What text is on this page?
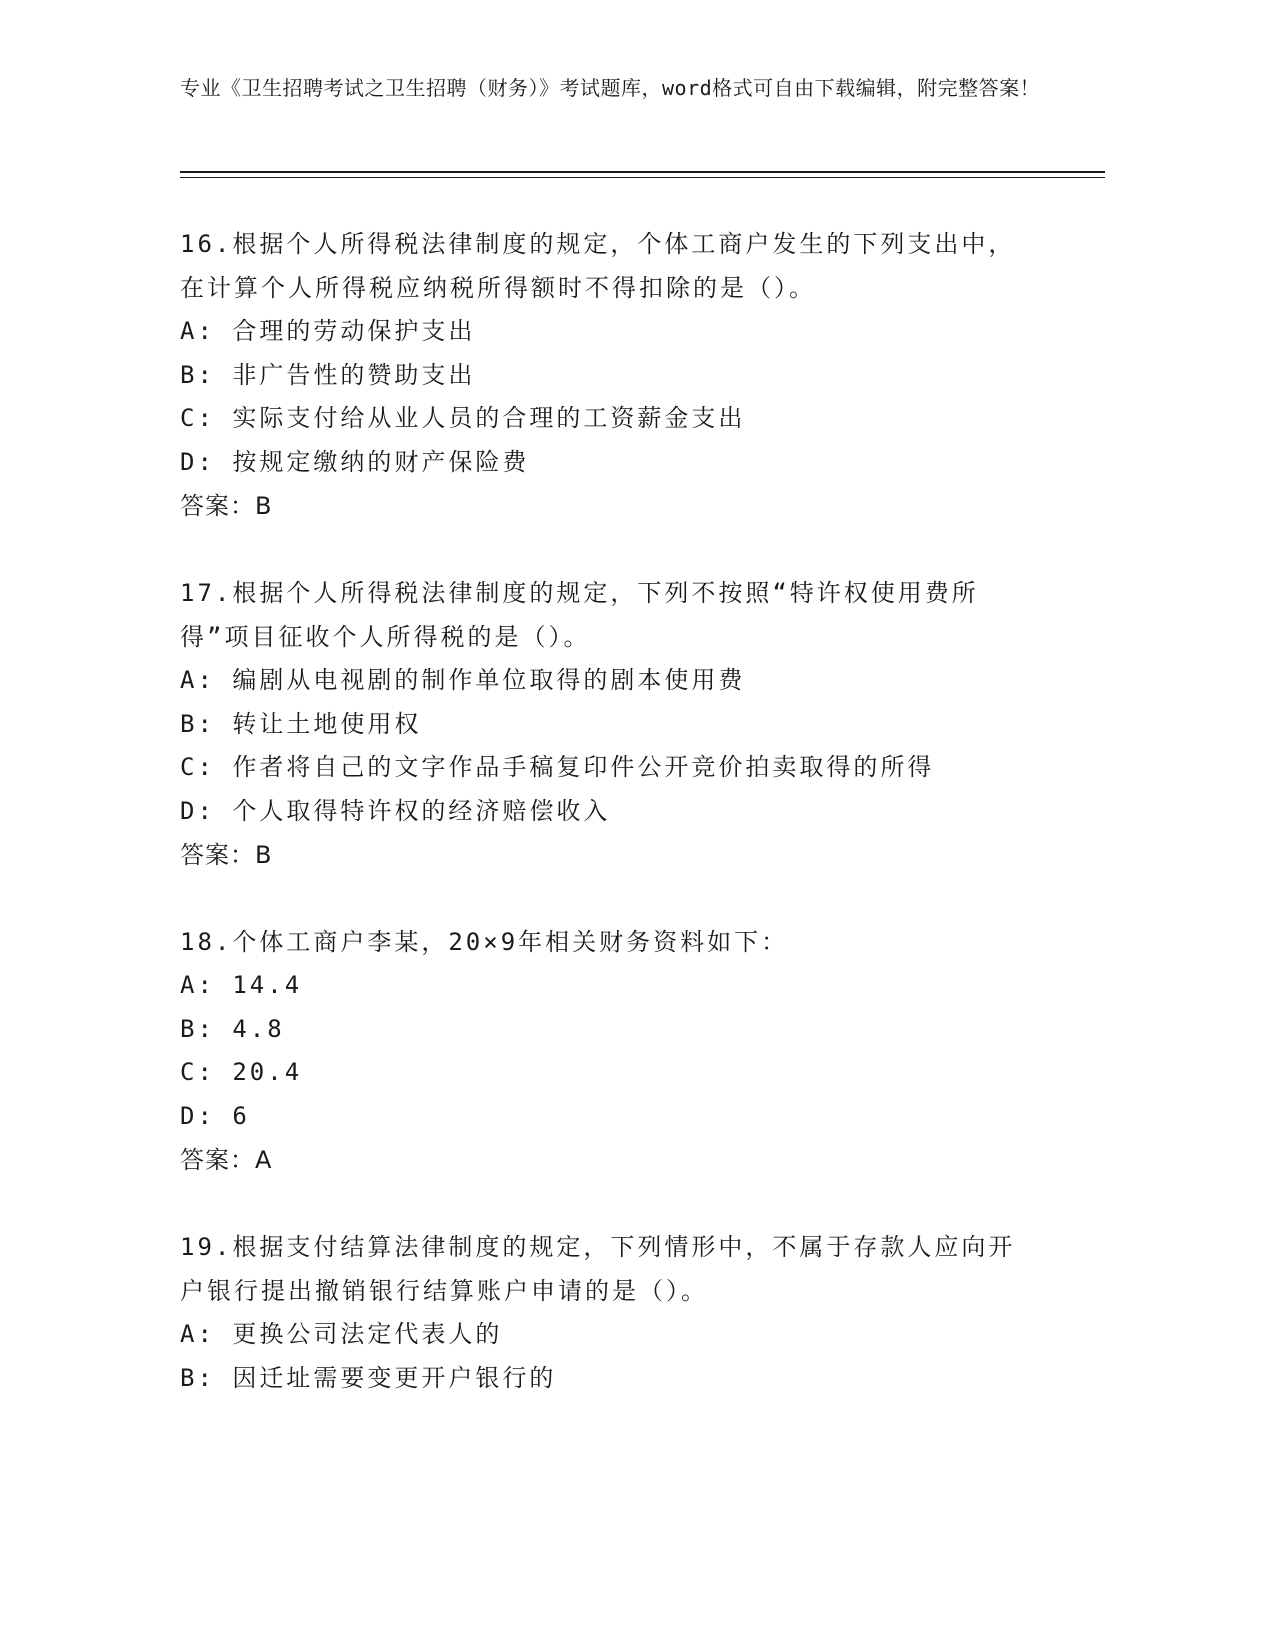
专业《卫生招聘考试之卫生招聘（财务）》考试题库，word格式可自由下载编辑，附完整答案！
16.根据个人所得税法律制度的规定，个体工商户发生的下列支出中，在计算个人所得税应纳税所得额时不得扣除的是（）。
A: 合理的劳动保护支出
B: 非广告性的赞助支出
C: 实际支付给从业人员的合理的工资薪金支出
D: 按规定缴纳的财产保险费
答案：B
17.根据个人所得税法律制度的规定，下列不按照“特许权使用费所得”项目征收个人所得税的是（）。
A: 编剧从电视剧的制作单位取得的剧本使用费
B: 转让土地使用权
C: 作者将自己的文字作品手稿复印件公开竞价拍卖取得的所得
D: 个人取得特许权的经济赔偿收入
答案：B
18.个体工商户李某，20×9年相关财务资料如下：
A: 14.4
B: 4.8
C: 20.4
D: 6
答案：A
19.根据支付结算法律制度的规定，下列情形中，不属于存款人应向开户银行提出撤销银行结算账户申请的是（）。
A: 更换公司法定代表人的
B: 因迁址需要变更开户银行的
